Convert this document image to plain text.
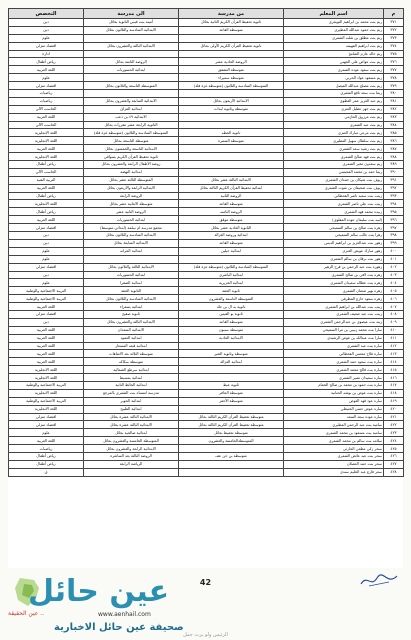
م	اسم المعلم	من مدرسة	الى مدرسة	التخصص
٣٧١	ريم بنت محمد بن ابراهيم التويجري	ثانوية تحفيظ القرآن الكريم الثانية بحائل	أمينة بنت قيس الثانوية بحائل	دين
٣٧٢	ريم بنت حمود عبدالله المطيري	متوسطة القاعد	الابتدائية السادسة والثلاثون بحائل	دين
٣٧٣	ريم بنت مطلق بن شلبه الشمري			علوم
٣٧٤	ريم بنت ابراهيم القهيمه	ثانوية تحفيظ القرآن الكريم الأولى بحائل	الابتدائية الثالثة والعشرون بحائل	اقتصاد منزلي
٣٧٥	ريم خالد عازم الشامخ			ادارة
٣٧٦	ريم بنت عواض علي الجهني	الروضة الحادية عشر	الروضة الثامنة بحائل	رياض أطفال
٣٧٧	ريم بنت سعود عوده الشمري	متوسطة التشقق	ابتدائية الحسوريات	اللغة العربية
٣٧٨	ريم مسعود عواد الحربي	متوسطة سميراء		علوم
٣٧٩	ريم بنت مصلح عبدالله الفيصل	المتوسطة السادسة والثلاثون (متوسطة غزة فلة)	المتوسطة التاسعة والثلاثون بحائل	اقتصاد منزلي
٣٨٠	ريما بنت سعد نافع الشمري			رياضيات
٣٨١	ريم عبد العزيز عمر العطوي	الابتدائية الأربعون بحائل	الابتدائية السابعة والعشرون بحائل	رياضيات
٣٨٢	ريم بنت جهز عطيل العنزي	متوسطة وثانوية لبدات	ابتدائية المزاق	الحاسب الآلي
٣٨٣	ريم بنت مرزوق الحازمي		الابتدائية ٤٩ بن ذعب	اللغة العربية
٣٨٤	ريم بنت عيد الشمري		الثانوية الرابعة عشر مقررات بحائل	الحاسب الآلي
٣٨٥	ريم بنت مرعي مبارك العنزي	ثانوية الخطه	المتوسطة السادسة والثلاثون (متوسطة غزة فلة)	اللغة الانجليزية
٣٨٦	ريم بنت سلطان سهيل المطيري	متوسطة السمرة	متوسطة التاسعة بحائل	اللغة الانجليزية
٣٨٧	ريم بنت رشيد سعد الشمري		الابتدائية التاسعة والخمسون بحائل	اللغة العربية
٣٨٨	ريم بنت فهد صالح الشمري		ثانوية تحفيظ القرآن الكريم بسواقي	اللغة الانجليزية
٣٨٩	ريم سعدون مغير الشمري		روضة الأطفال الرابعة والعشرون بحائل	رياض أطفال
٣٩٠	ريما حمد بن محمد المحيسن		ابتدائية النهضة	الحاسب الآلي
٣٩١	ريوف بنت شيكان بن حمدان الشمري	الابتدائية الثالثة عشر بحائل	المتوسطة الثالثة عشر بحائل	التربية الفنية
٣٩٢	ريوف بنت ضحيفان بن متوت الشمري	ابتدائية تحفيظ القرآن الكريم الثالثة بحائل	الابتدائية الرابعة والأربعون بحائل	اللغة العربية
٣٩٣	زينب بنت سعيد ناصر القحطاني	الروضة الثانية	الروضة الرابعة	رياض أطفال
٣٩٤	زينب بنت علي ناصر الشمري	متوسطة القاعد	متوسطة الانتانية عشر بحائل	اللغة الانجليزية
٣٩٥	زبيده محمد فهد الشمري	الروضة الثامنه	الروضة الثانية عشر	رياض أطفال
٣٩٦	(ليبه بنت سليمان عوده المفلوي)	متوسطة موقق	ابتدائية الحسوريات	اللغة العربية
٣٩٧	زهره بنت صالح بن سالم السميحي	الثانوية الحادية عشر بحائل	مجمع مدرسة ام سلمة (ابتدائي-متوسط)	اقتصاد منزلي
٣٩٨	زهرا بنت غالب سالم السميحي	ابتدائية وروضة الغزالة	الابتدائية السادسة والثلاثون بحائل	دين
٣٩٩	زهور بنت عبدالعزيز بن ابراهيم الدبس	متوسطة القاعد	الابتدائية السابعة بحائل	دين
٤٠٠	زهور مبارك عويض العنزي	ابتدائية جيلين	ابتدائية الحرانه	علوم
٤٠١	زهور بنت برقان بن سالم الشمري			علوم
٤٠٢	زهوره بنت عبد الرحمن بن فرح الزهير	المتوسطة السادسة والثلاثون (متوسطة غزة فلة)	الابتدائية الثالثة والثلاثون بحائل	اقتصاد منزلي
٤٠٣	زهره بنت لافي بن صالح الشمري	ابتدائية الباشري	ابتدائية الحسوريات	دين
٤٠٤	زهره بنت عطاله سعيدان الشمري	ابتدائية الخزيرية	ابتدائية الصقرا	علوم
٤٠٥	زهره نهير صعنان الشمري	ثانوية الحفة	الثانوية الحفة	التربية الاجتماعية والوطنية
٤٠٦	زهره سعود حازع المطرفي	المتوسطة التاسعة والعشرون	الابتدائية السادسة والثلاثون بحائل	التربية الاجتماعية والوطنية
٤٠٧	زينب بنت عبدالله بن ابراهيم الشمري	ثانوية به ال بن جك	ابتدائية بسعراء	اللغة العربية
٤٠٨	زينب بنت عبد ضعيف الشمري	ثانوية بو القيتين	ثانوية صقيح	اقتصاد منزلي
٤٠٩	زينه بنت عيضوي بن عبدالرحمن الشمري	متوسطة القاعد	الابتدائية الثالثة والعشرون بحائل	دين
٤١٠	سارا بنت محمد زنيبي بن مرا السميحي	متوسطة سنبون	الابتدائية السعدان	اللغة العربية
٤١١	سارا بنت عبدالله بن عوض الرشيدي	الابتدائية الحادية	ابتدائية العمود	اللغة العربية
٤١٢	سارة بنت عيد الشمري		ابتدائية قيعه المسعار	اللغة العربية
٤١٣	سارة فلاح محسن القحطاني	متوسطة وثانوية التغير	متوسطة الثلاثة بعد الامتاهات	اللغة العربية
٤١٤	سارة بنت سعود حمد الشمري	ابتدائية الغزالة	متوسطة سكاكه	اللغة العربية
٤١٥	سارة بنت فالح محمد الشمري		ابتدائية سرطع الشمالية	اللغة الانجليزية
٤١٦	ساره سعيدان نصير الشمري		ابتدائية بمسيط	اللغة الانجليزية
٤١٧	ساره بنت حمود بن محمد بن صالح الخمام	ثانوية عيط	ابتدائية الحائط الثانية	التربية الاجتماعية والوطنية
٤١٨	ساره بنت عوض بن بوشه الحنانية	متوسطة الحافر	مدرسة امسناه بنت الشمري بالمرجع	اللغة الانجليزية
٤١٩	ساره عوذ قهد العوض	متوسطة الأجفر	ابتدائية الحوير	التربية الاجتماعية والوطنية
٤٢٠	ساره عوض حسن الحنيظي		ابتدائية الطبيح	اللغة الانجليزية
٤٢١	ساره عوده سعد السعد	متوسطة تحفيظ القرآن الكريم الثالثة بحائل	الابتدائية الثالثة عشرة بحائل	اقتصاد منزلي
٤٢٢	سامية بنت عبد الرحمن المطيري	متوسطة تحفيظ القرآن الكريم الثالثة بحائل	الابتدائية الثالثة عشرة بحائل	اقتصاد منزلي
٤٢٣	سامية بنت مسعود بن محمد الشمري	متوسطة تحفيظ بحائل	ابتدائية صالحية بحائل	علوم
٤٢٤	سلامه بنت سالم بن محمد الشمري	المتوسطةالخامسة والعشرون	المتوسطة الخامسة والعشرون بحائل	اللغة العربية
٤٢٥	سحر زكي مطعي الحارثي		الابتدائية الرابعة والعشرون بحائل	رياضيات
٤٢٦	سحر بنت عيد عائض الشمري	متوسطة بن جن عف	الروضة الثالثة بعد الساشرة	رياض أطفال
٤٢٧	سحر بنت حمد العصلان		الرياضة الرابعة	رياض أطفال
٤٢٨	سعر فارع عبد الحليم سندي			ق
42
عين حائل
عين الحقيقة ..	www.aenhail.com
صحيفة عين حائل الاخبارية
الرئيس ولو يرث جمل
